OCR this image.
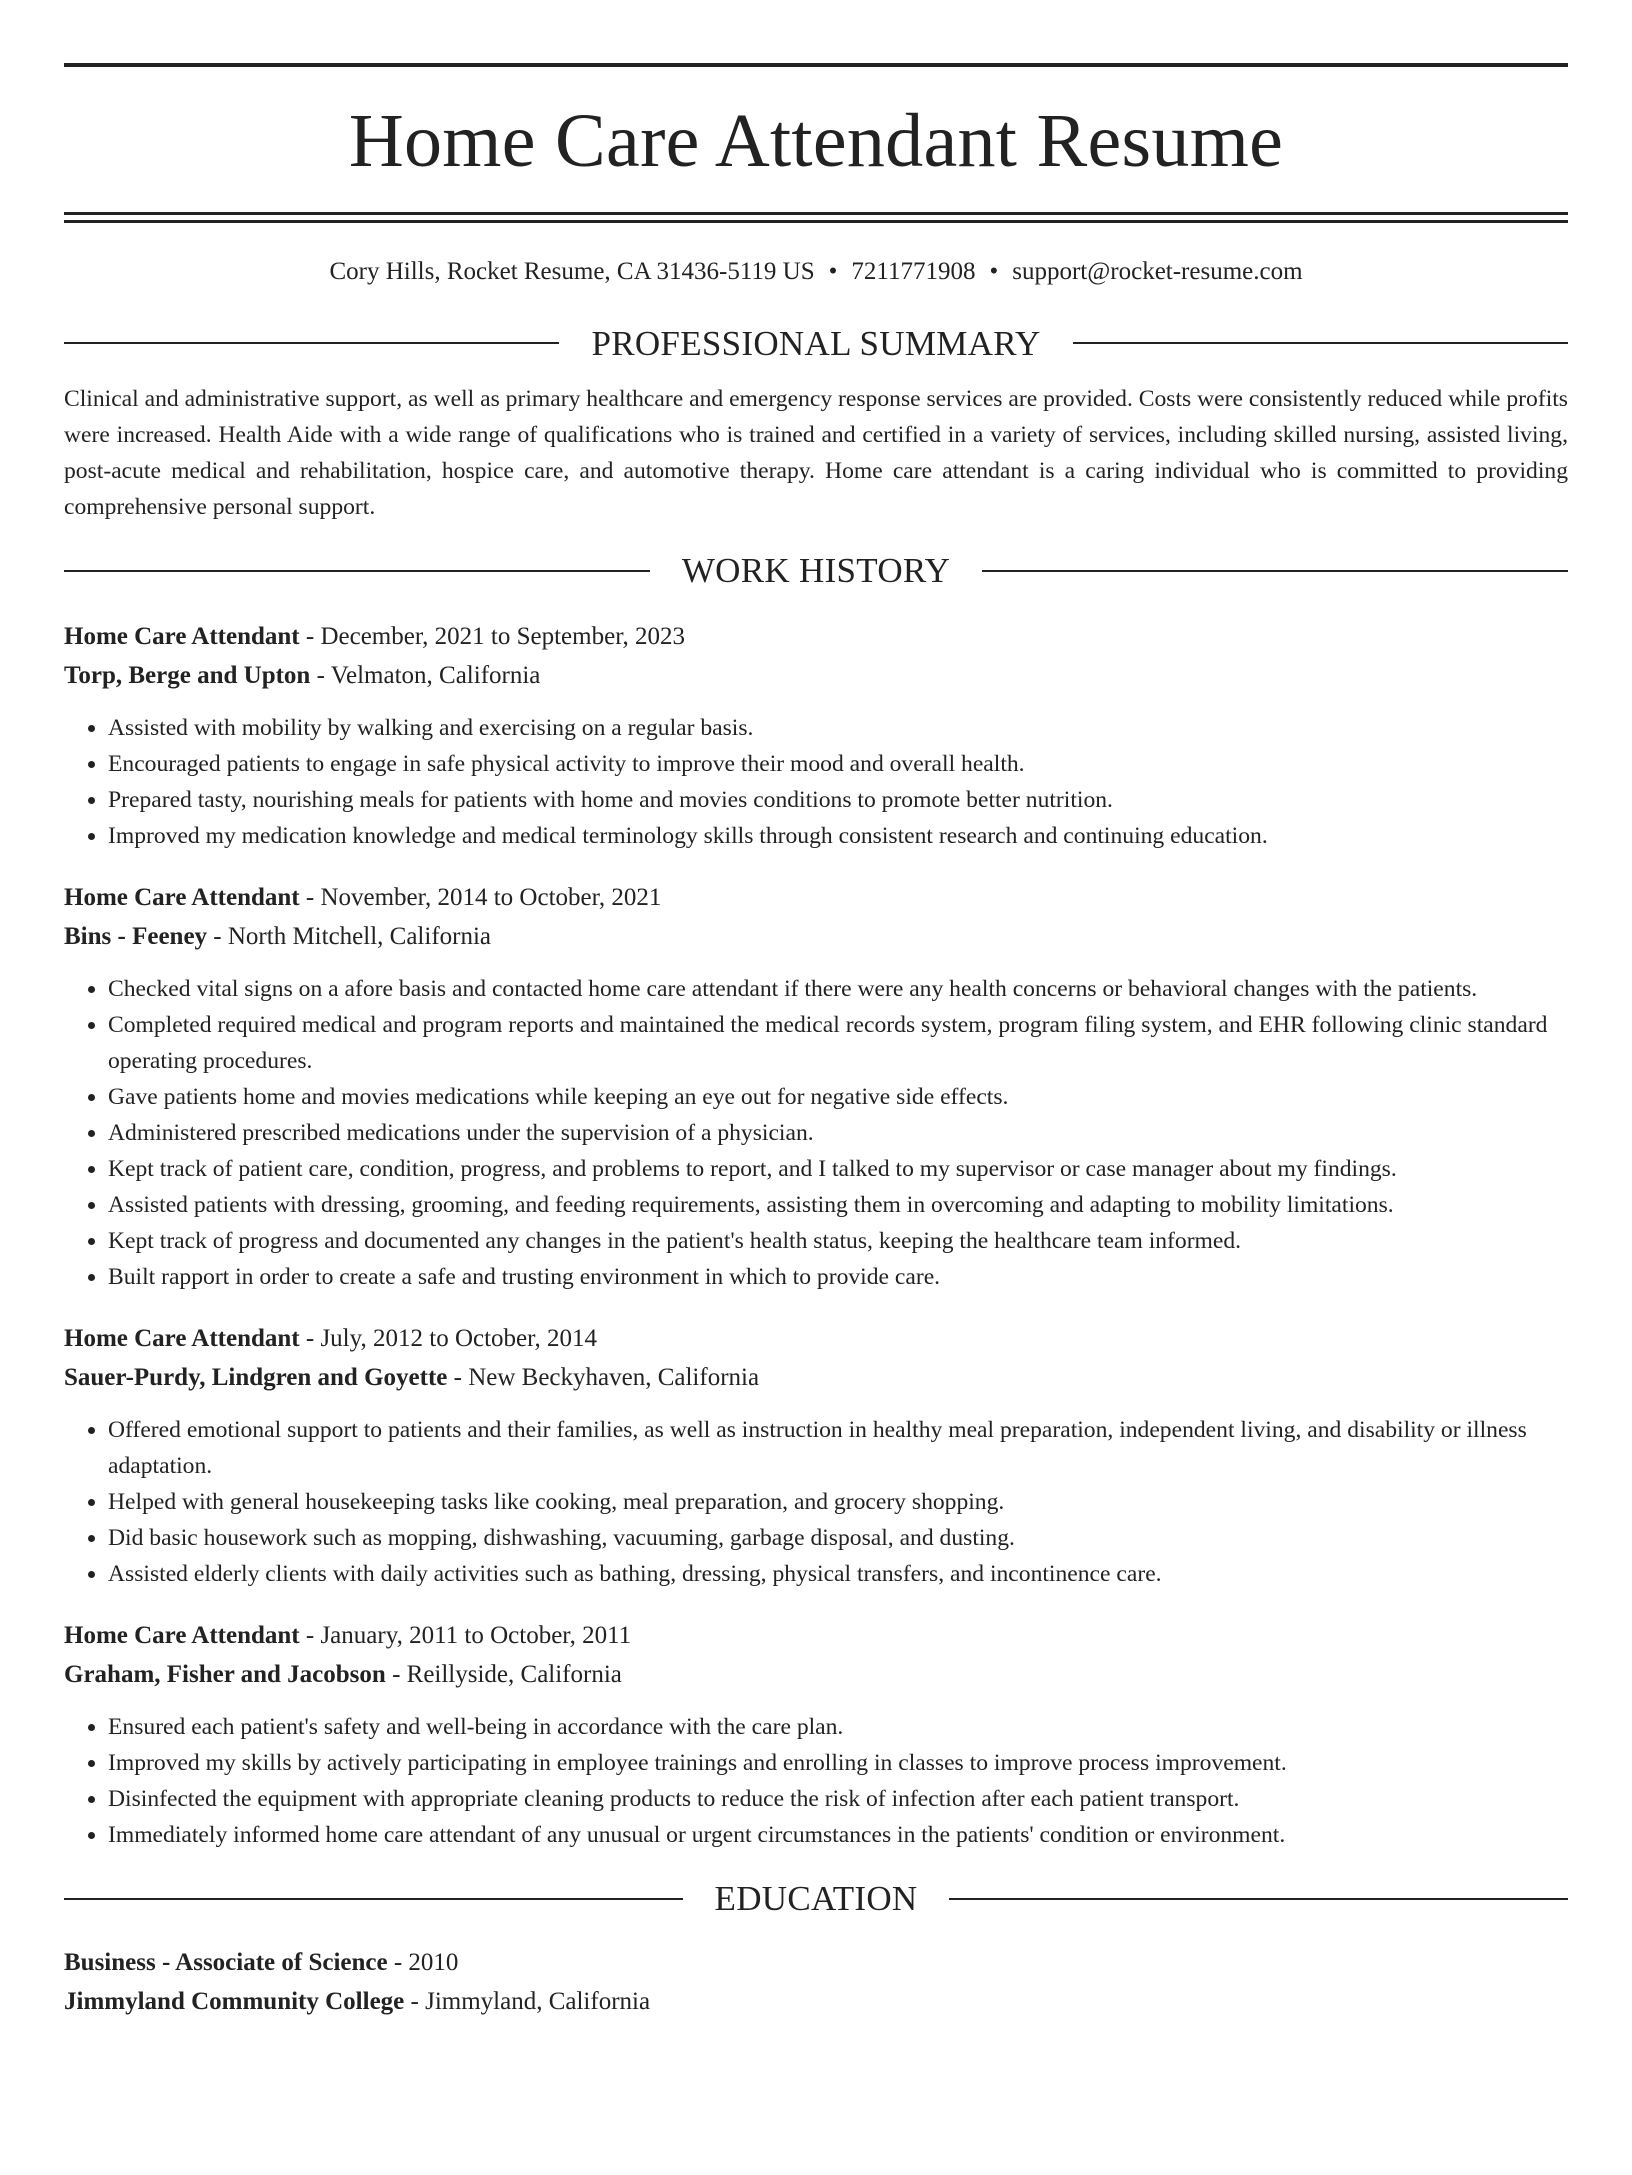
Home Care Attendant Resume
Cory Hills, Rocket Resume, CA 31436-5119 US • 7211771908 • support@rocket-resume.com
PROFESSIONAL SUMMARY

Clinical and administrative support, as well as primary healthcare and emergency response services are provided. Costs were consistently reduced while profits were increased. Health Aide with a wide range of qualifications who is trained and certified in a variety of services, including skilled nursing, assisted living, post-acute medical and rehabilitation, hospice care, and automotive therapy. Home care attendant is a caring individual who is committed to providing comprehensive personal support.

WORK HISTORY
Home Care Attendant - December, 2021 to September, 2023
Torp, Berge and Upton - Velmaton, California
• Assisted with mobility by walking and exercising on a regular basis.
• Encouraged patients to engage in safe physical activity to improve their mood and overall health.
• Prepared tasty, nourishing meals for patients with home and movies conditions to promote better nutrition.
• Improved my medication knowledge and medical terminology skills through consistent research and continuing education.
Home Care Attendant - November, 2014 to October, 2021
Bins - Feeney - North Mitchell, California
• Checked vital signs on a afore basis and contacted home care attendant if there were any health concerns or behavioral changes with the patients.
• Completed required medical and program reports and maintained the medical records system, program filing system, and EHR following clinic standard operating procedures.
• Gave patients home and movies medications while keeping an eye out for negative side effects.
• Administered prescribed medications under the supervision of a physician.
• Kept track of patient care, condition, progress, and problems to report, and I talked to my supervisor or case manager about my findings.
• Assisted patients with dressing, grooming, and feeding requirements, assisting them in overcoming and adapting to mobility limitations.
• Kept track of progress and documented any changes in the patient's health status, keeping the healthcare team informed.
• Built rapport in order to create a safe and trusting environment in which to provide care.
Home Care Attendant - July, 2012 to October, 2014
Sauer-Purdy, Lindgren and Goyette - New Beckyhaven, California
• Offered emotional support to patients and their families, as well as instruction in healthy meal preparation, independent living, and disability or illness adaptation.
• Helped with general housekeeping tasks like cooking, meal preparation, and grocery shopping.
• Did basic housework such as mopping, dishwashing, vacuuming, garbage disposal, and dusting.
• Assisted elderly clients with daily activities such as bathing, dressing, physical transfers, and incontinence care.
Home Care Attendant - January, 2011 to October, 2011
Graham, Fisher and Jacobson - Reillyside, California
• Ensured each patient's safety and well-being in accordance with the care plan.
• Improved my skills by actively participating in employee trainings and enrolling in classes to improve process improvement.
• Disinfected the equipment with appropriate cleaning products to reduce the risk of infection after each patient transport.
• Immediately informed home care attendant of any unusual or urgent circumstances in the patients' condition or environment.
EDUCATION
Business - Associate of Science - 2010
Jimmyland Community College - Jimmyland, California
